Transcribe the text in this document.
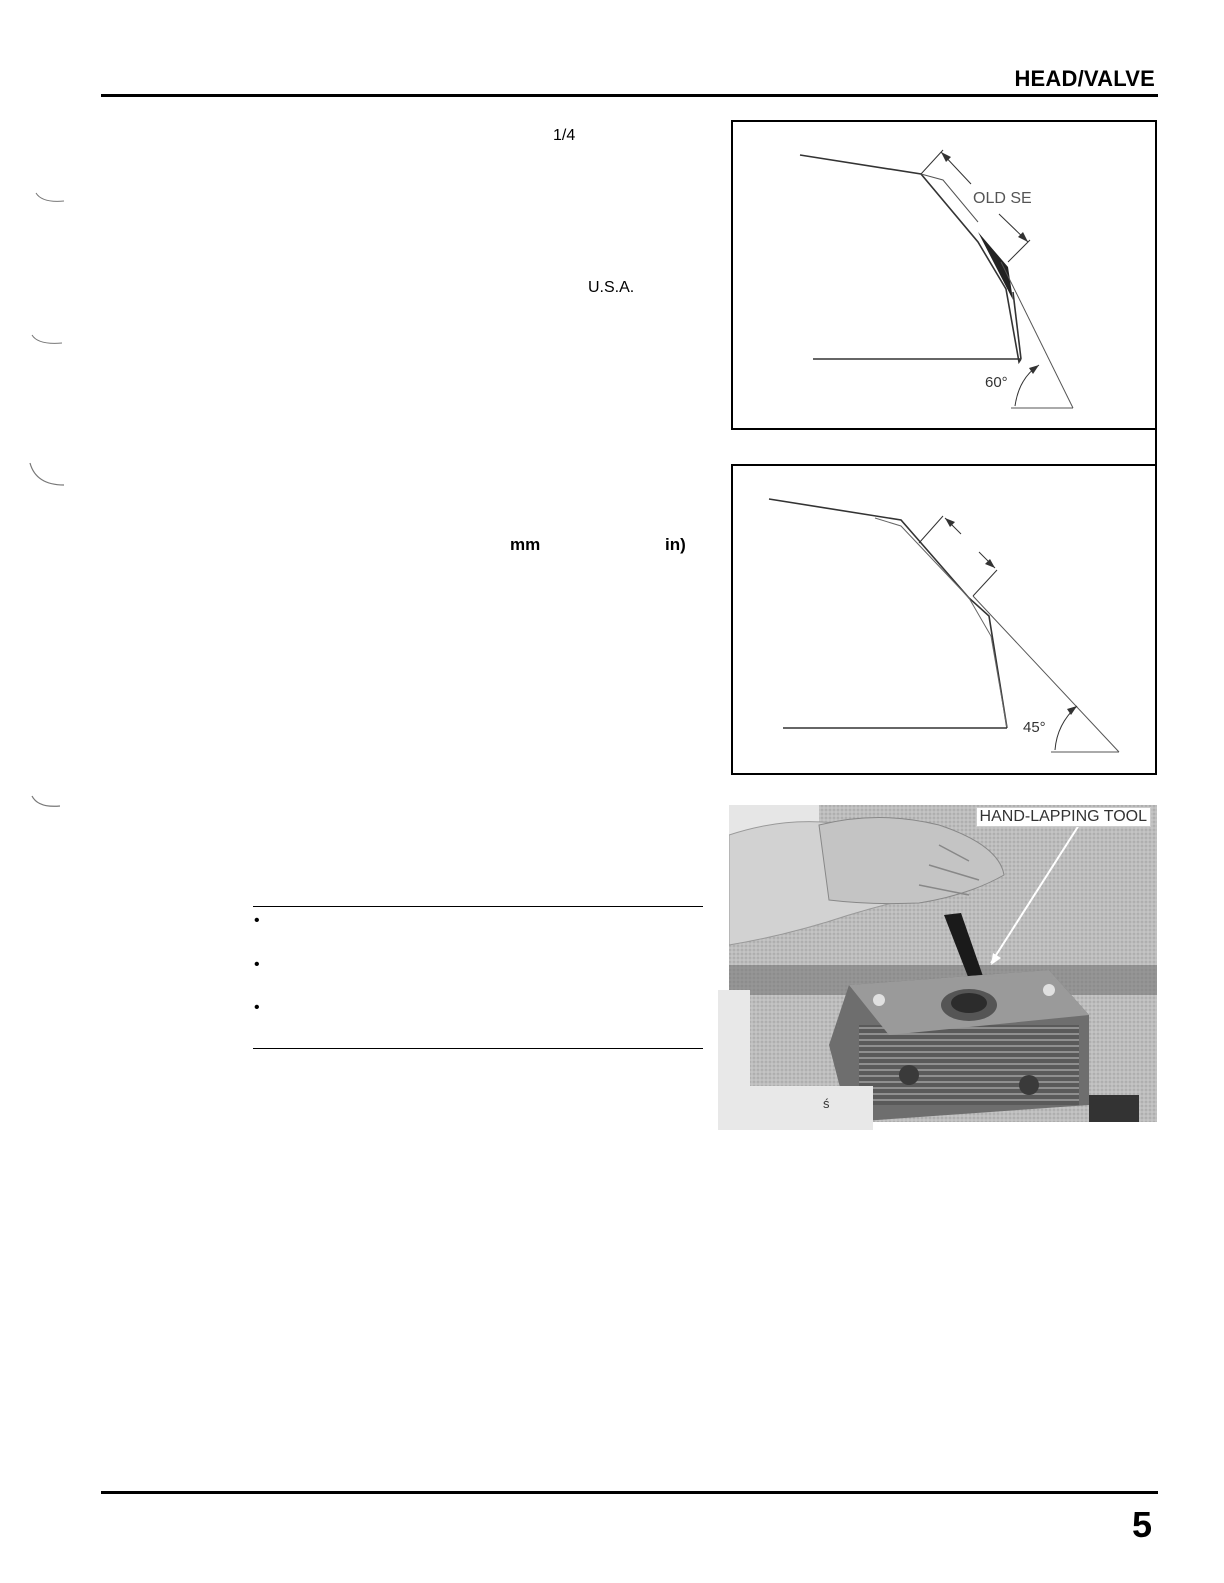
HEAD/VALVE
1/4
U.S.A.
mm	in)
•
•
•
OLD SE
60°
45°
HAND-LAPPING TOOL
ś
5
